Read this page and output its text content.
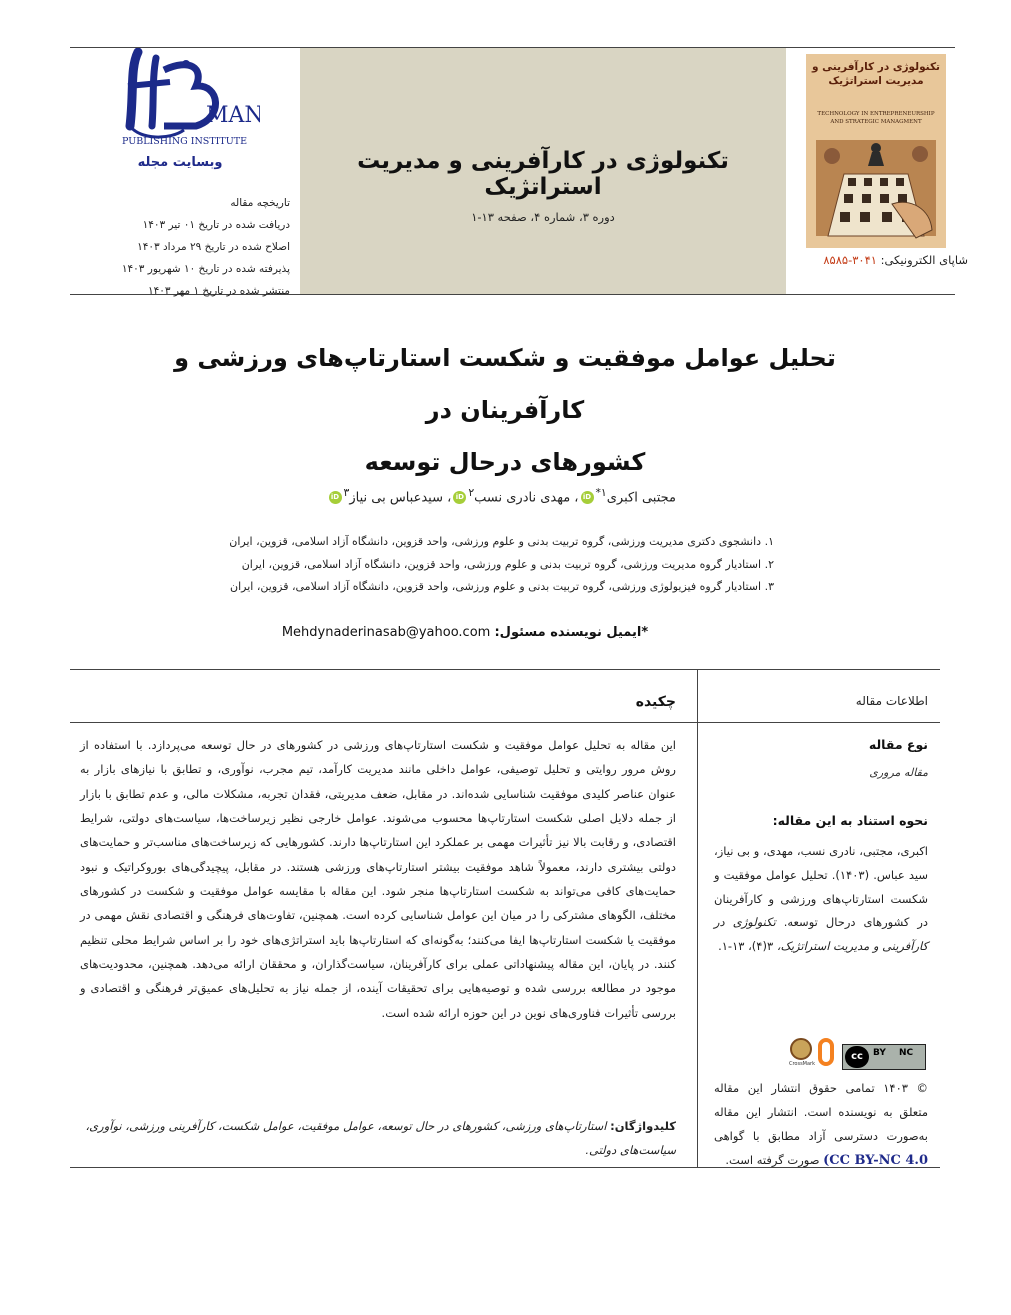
MAN
PUBLISHING INSTITUTE
وبسایت مجله
تاریخچه مقاله
دریافت شده در تاریخ ۰۱ تیر ۱۴۰۳
اصلاح شده در تاریخ ۲۹ مرداد ۱۴۰۳
پذیرفته شده در تاریخ ۱۰ شهریور ۱۴۰۳
منتشر شده در تاریخ ۱ مهر ۱۴۰۳
تکنولوژی در کارآفرینی و مدیریت استراتژیک
دوره ۳، شماره ۴، صفحه ۱۳-۱
تکنولوژی در کارآفرینی و مدیریت استراتژیک
TECHNOLOGY IN ENTREPRENEURSHIP AND STRATEGIC MANAGMENT
شاپای الکترونیکی: ۳۰۴۱-۸۵۸۵
تحلیل عوامل موفقیت و شکست استارتاپ‌های ورزشی و کارآفرینان در
کشورهای درحال توسعه
مجتبی اکبری$^{۱*}$iD، مهدی نادری نسب$^۲$iD، سیدعباس بی نیاز$^۳$iD
۱. دانشجوی دکتری مدیریت ورزشی، گروه تربیت بدنی و علوم ورزشی، واحد قزوین، دانشگاه آزاد اسلامی، قزوین، ایران
۲. استادیار گروه مدیریت ورزشی، گروه تربیت بدنی و علوم ورزشی، واحد قزوین، دانشگاه آزاد اسلامی، قزوین، ایران
۳. استادیار گروه فیزیولوژی ورزشی، گروه تربیت بدنی و علوم ورزشی، واحد قزوین، دانشگاه آزاد اسلامی، قزوین، ایران
*ایمیل نویسنده مسئول: Mehdynaderinasab@yahoo.com
اطلاعات مقاله
نوع مقاله
مقاله مروری
نحوه استناد به این مقاله:
اکبری، مجتبی، نادری نسب، مهدی، و بی نیاز، سید عباس. (۱۴۰۳). تحلیل عوامل موفقیت و شکست استارتاپ‌های ورزشی و کارآفرینان در کشورهای درحال توسعه. تکنولوژی در کارآفرینی و مدیریت استراتژیک، ۳(۴)، ۱۳-۱.
CrossMark
cc	BY NC
© ۱۴۰۳ تمامی حقوق انتشار این مقاله متعلق به نویسنده است. انتشار این مقاله به‌صورت دسترسی آزاد مطابق با گواهی (CC BY-NC 4.0 صورت گرفته است.
چکیده
این مقاله به تحلیل عوامل موفقیت و شکست استارتاپ‌های ورزشی در کشورهای در حال توسعه می‌پردازد. با استفاده از روش مرور روایتی و تحلیل توصیفی، عوامل داخلی مانند مدیریت کارآمد، تیم مجرب، نوآوری، و تطابق با نیازهای بازار به عنوان عناصر کلیدی موفقیت شناسایی شده‌اند. در مقابل، ضعف مدیریتی، فقدان تجربه، مشکلات مالی، و عدم تطابق با بازار از جمله دلایل اصلی شکست استارتاپ‌ها محسوب می‌شوند. عوامل خارجی نظیر زیرساخت‌ها، سیاست‌های دولتی، شرایط اقتصادی، و رقابت بالا نیز تأثیرات مهمی بر عملکرد این استارتاپ‌ها دارند. کشورهایی که زیرساخت‌های مناسب‌تر و حمایت‌های دولتی بیشتری دارند، معمولاً شاهد موفقیت بیشتر استارتاپ‌های ورزشی هستند. در مقابل، پیچیدگی‌های بوروکراتیک و نبود حمایت‌های کافی می‌تواند به شکست استارتاپ‌ها منجر شود. این مقاله با مقایسه عوامل موفقیت و شکست در کشورهای مختلف، الگوهای مشترکی را در میان این عوامل شناسایی کرده است. همچنین، تفاوت‌های فرهنگی و اقتصادی نقش مهمی در موفقیت یا شکست استارتاپ‌ها ایفا می‌کنند؛ به‌گونه‌ای که استارتاپ‌ها باید استراتژی‌های خود را بر اساس شرایط محلی تنظیم کنند. در پایان، این مقاله پیشنهاداتی عملی برای کارآفرینان، سیاست‌گذاران، و محققان ارائه می‌دهد. همچنین، محدودیت‌های موجود در مطالعه بررسی شده و توصیه‌هایی برای تحقیقات آینده، از جمله نیاز به تحلیل‌های عمیق‌تر فرهنگی و اقتصادی و بررسی تأثیرات فناوری‌های نوین در این حوزه ارائه شده است.
کلیدواژگان: استارتاپ‌های ورزشی، کشورهای در حال توسعه، عوامل موفقیت، عوامل شکست، کارآفرینی ورزشی، نوآوری، سیاست‌های دولتی.
